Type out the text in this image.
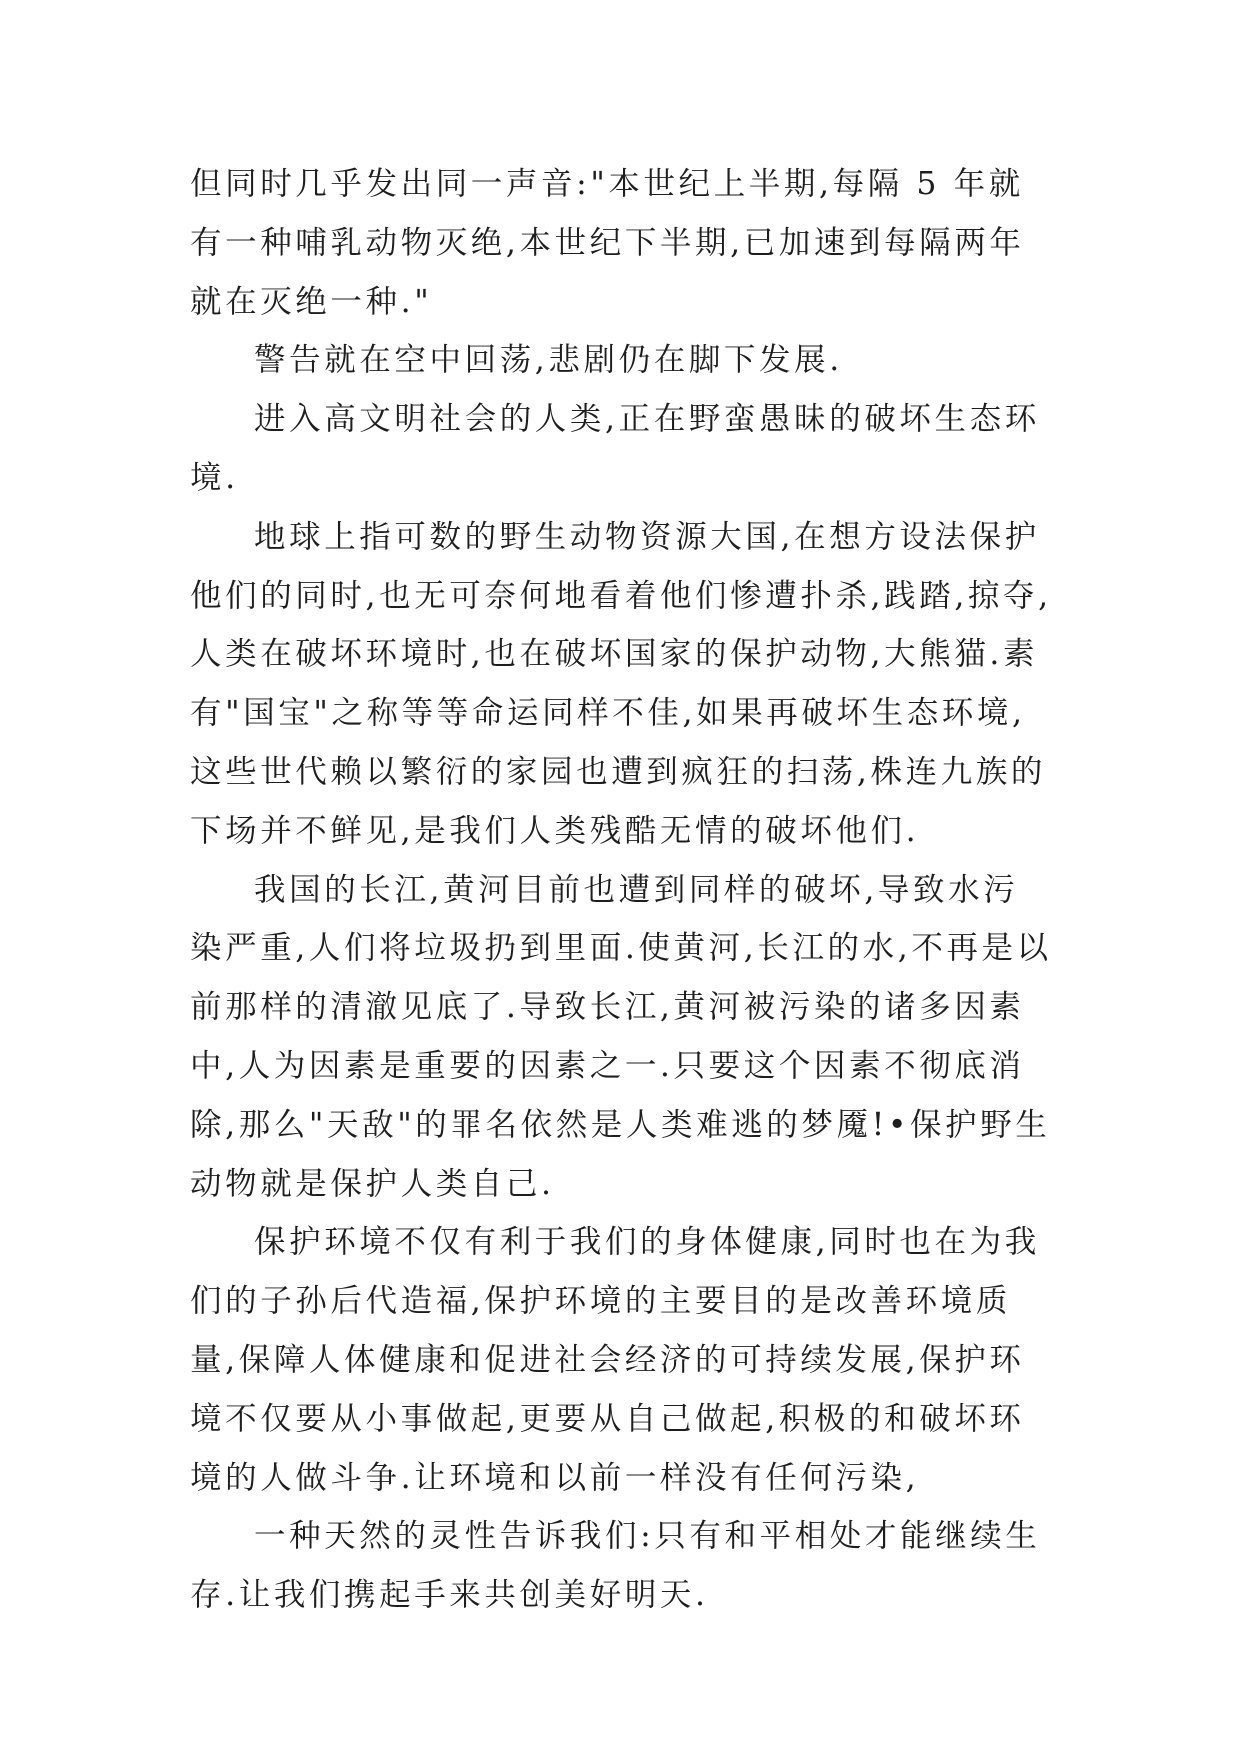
但同时几乎发出同一声音:"本世纪上半期,每隔 5 年就有一种哺乳动物灭绝,本世纪下半期,已加速到每隔两年就在灭绝一种."

警告就在空中回荡,悲剧仍在脚下发展.

进入高文明社会的人类,正在野蛮愚昧的破坏生态环境.

地球上指可数的野生动物资源大国,在想方设法保护他们的同时,也无可奈何地看着他们惨遭扑杀,践踏,掠夺,人类在破坏环境时,也在破坏国家的保护动物,大熊猫.素有"国宝"之称等等命运同样不佳,如果再破坏生态环境,这些世代赖以繁衍的家园也遭到疯狂的扫荡,株连九族的下场并不鲜见,是我们人类残酷无情的破坏他们.

我国的长江,黄河目前也遭到同样的破坏,导致水污染严重,人们将垃圾扔到里面.使黄河,长江的水,不再是以前那样的清澈见底了.导致长江,黄河被污染的诸多因素中,人为因素是重要的因素之一.只要这个因素不彻底消除,那么"天敌"的罪名依然是人类难逃的梦魇!•保护野生动物就是保护人类自己.

保护环境不仅有利于我们的身体健康,同时也在为我们的子孙后代造福,保护环境的主要目的是改善环境质量,保障人体健康和促进社会经济的可持续发展,保护环境不仅要从小事做起,更要从自己做起,积极的和破坏环境的人做斗争.让环境和以前一样没有任何污染,

一种天然的灵性告诉我们:只有和平相处才能继续生存.让我们携起手来共创美好明天.
